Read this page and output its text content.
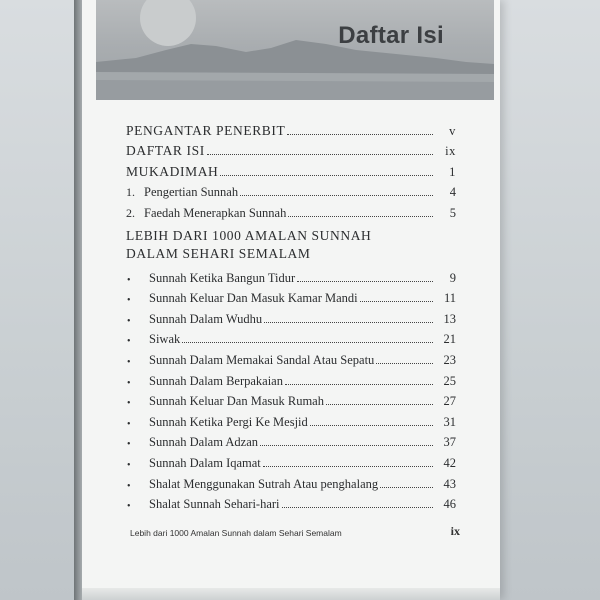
Daftar Isi
PENGANTAR PENERBIT	v
DAFTAR ISI	ix
MUKADIMAH	1
1. Pengertian Sunnah	4
2. Faedah Menerapkan Sunnah	5
LEBIH DARI 1000 AMALAN SUNNAH
DALAM SEHARI SEMALAM
•	Sunnah Ketika Bangun Tidur	9
•	Sunnah Keluar Dan Masuk Kamar Mandi	11
•	Sunnah Dalam Wudhu	13
•	Siwak	21
•	Sunnah Dalam Memakai Sandal Atau Sepatu	23
•	Sunnah Dalam Berpakaian	25
•	Sunnah Keluar Dan Masuk Rumah	27
•	Sunnah Ketika Pergi Ke Mesjid	31
•	Sunnah Dalam Adzan	37
•	Sunnah Dalam Iqamat	42
•	Shalat Menggunakan Sutrah Atau penghalang	43
•	Shalat Sunnah Sehari-hari	46
Lebih dari 1000 Amalan Sunnah dalam Sehari Semalam	ix
